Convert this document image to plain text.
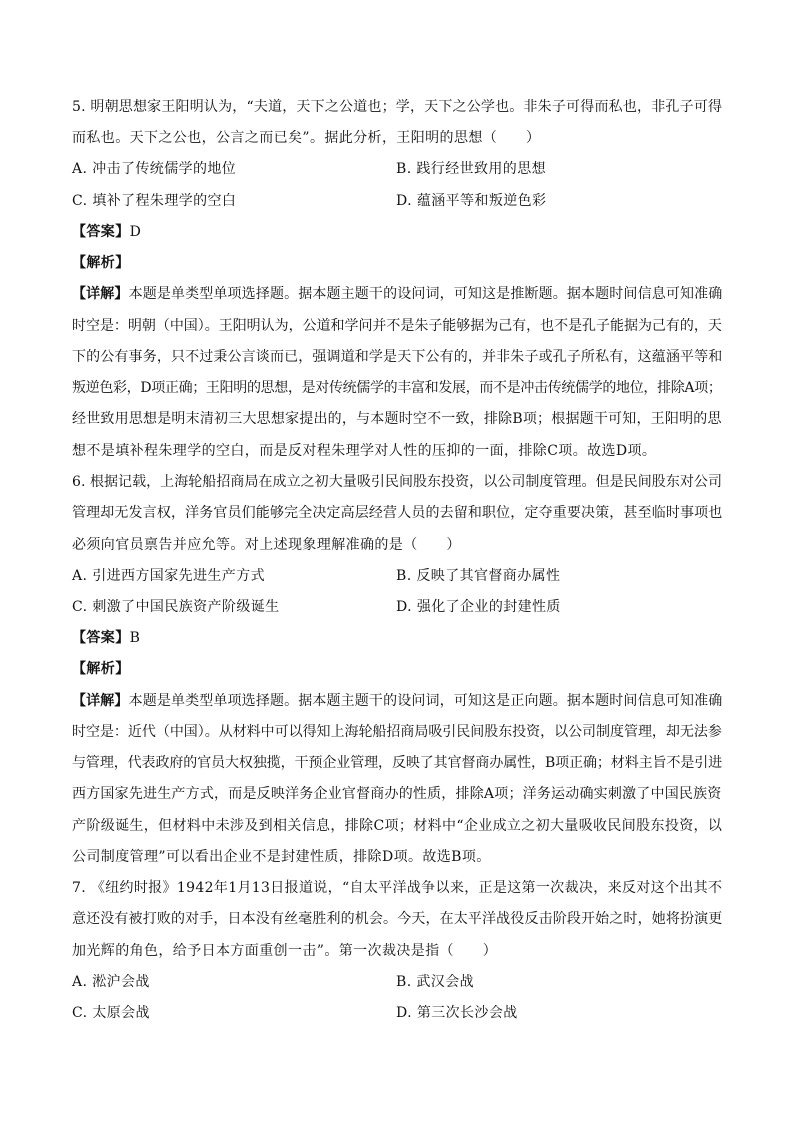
5. 明朝思想家王阳明认为，“夫道，天下之公道也；学，天下之公学也。非朱子可得而私也，非孔子可得
而私也。天下之公也，公言之而已矣”。据此分析，王阳明的思想（　　）
A. 冲击了传统儒学的地位	B. 践行经世致用的思想
C. 填补了程朱理学的空白	D. 蕴涵平等和叛逆色彩
【答案】D
【解析】
【详解】本题是单类型单项选择题。据本题主题干的设问词，可知这是推断题。据本题时间信息可知准确
时空是：明朝（中国）。王阳明认为，公道和学问并不是朱子能够据为己有，也不是孔子能据为己有的，天
下的公有事务，只不过秉公言谈而已，强调道和学是天下公有的，并非朱子或孔子所私有，这蕴涵平等和
叛逆色彩，D项正确；王阳明的思想，是对传统儒学的丰富和发展，而不是冲击传统儒学的地位，排除A项；
经世致用思想是明末清初三大思想家提出的，与本题时空不一致，排除B项；根据题干可知，王阳明的思
想不是填补程朱理学的空白，而是反对程朱理学对人性的压抑的一面，排除C项。故选D项。
6. 根据记载，上海轮船招商局在成立之初大量吸引民间股东投资，以公司制度管理。但是民间股东对公司
管理却无发言权，洋务官员们能够完全决定高层经营人员的去留和职位，定夺重要决策，甚至临时事项也
必须向官员禀告并应允等。对上述现象理解准确的是（　　）
A. 引进西方国家先进生产方式	B. 反映了其官督商办属性
C. 刺激了中国民族资产阶级诞生	D. 强化了企业的封建性质
【答案】B
【解析】
【详解】本题是单类型单项选择题。据本题主题干的设问词，可知这是正向题。据本题时间信息可知准确
时空是：近代（中国）。从材料中可以得知上海轮船招商局吸引民间股东投资，以公司制度管理，却无法参
与管理，代表政府的官员大权独揽，干预企业管理，反映了其官督商办属性，B项正确；材料主旨不是引进
西方国家先进生产方式，而是反映洋务企业官督商办的性质，排除A项；洋务运动确实刺激了中国民族资
产阶级诞生，但材料中未涉及到相关信息，排除C项；材料中“企业成立之初大量吸收民间股东投资，以
公司制度管理”可以看出企业不是封建性质，排除D项。故选B项。
7. 《纽约时报》1942年1月13日报道说，“自太平洋战争以来，正是这第一次裁决，来反对这个出其不
意还没有被打败的对手，日本没有丝毫胜利的机会。今天，在太平洋战役反击阶段开始之时，她将扮演更
加光辉的角色，给予日本方面重创一击”。第一次裁决是指（　　）
A. 淞沪会战	B. 武汉会战
C. 太原会战	D. 第三次长沙会战
